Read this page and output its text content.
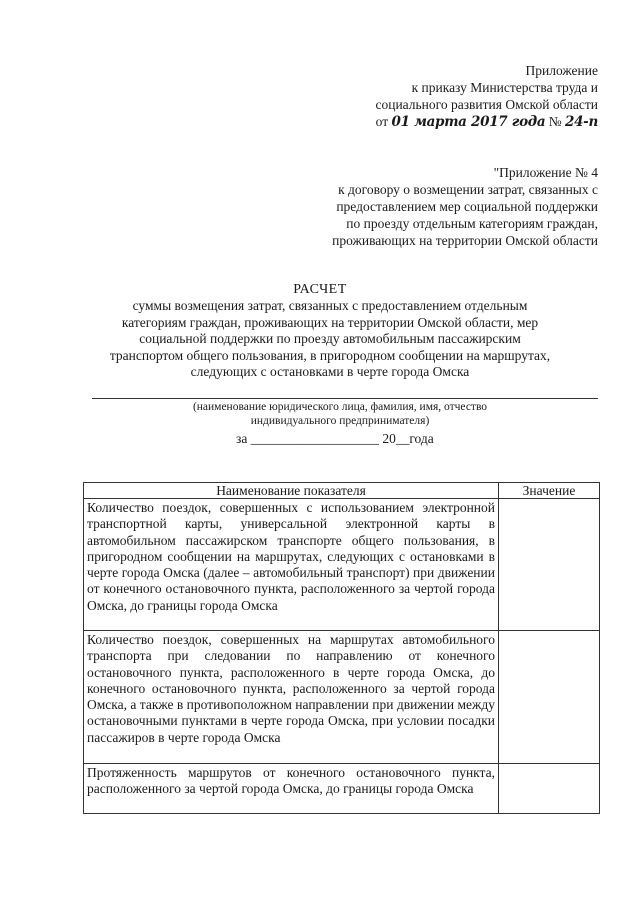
Приложение
к приказу Министерства труда и
социального развития Омской области
от 01 марта 2017 года № 24-п
"Приложение № 4
к договору о возмещении затрат, связанных с
предоставлением мер социальной поддержки
по проезду отдельным категориям граждан,
проживающих на территории Омской области
РАСЧЕТ
суммы возмещения затрат, связанных с предоставлением отдельным
категориям граждан, проживающих на территории Омской области, мер
социальной поддержки по проезду автомобильным пассажирским
транспортом общего пользования, в пригородном сообщении на маршрутах,
следующих с остановками в черте города Омска
(наименование юридического лица, фамилия, имя, отчество
индивидуального предпринимателя)
за ___________________ 20__года
Наименование показателя	Значение
Количество поездок, совершенных с использованием электронной транспортной карты, универсальной электронной карты в автомобильном пассажирском транспорте общего пользования, в пригородном сообщении на маршрутах, следующих с остановками в черте города Омска (далее – автомобильный транспорт) при движении от конечного остановочного пункта, расположенного за чертой города Омска, до границы города Омска	
Количество поездок, совершенных на маршрутах автомобильного транспорта при следовании по направлению от конечного остановочного пункта, расположенного в черте города Омска, до конечного остановочного пункта, расположенного за чертой города Омска, а также в противоположном направлении при движении между остановочными пунктами в черте города Омска, при условии посадки пассажиров в черте города Омска	
Протяженность маршрутов от конечного остановочного пункта, расположенного за чертой города Омска, до границы города Омска	
